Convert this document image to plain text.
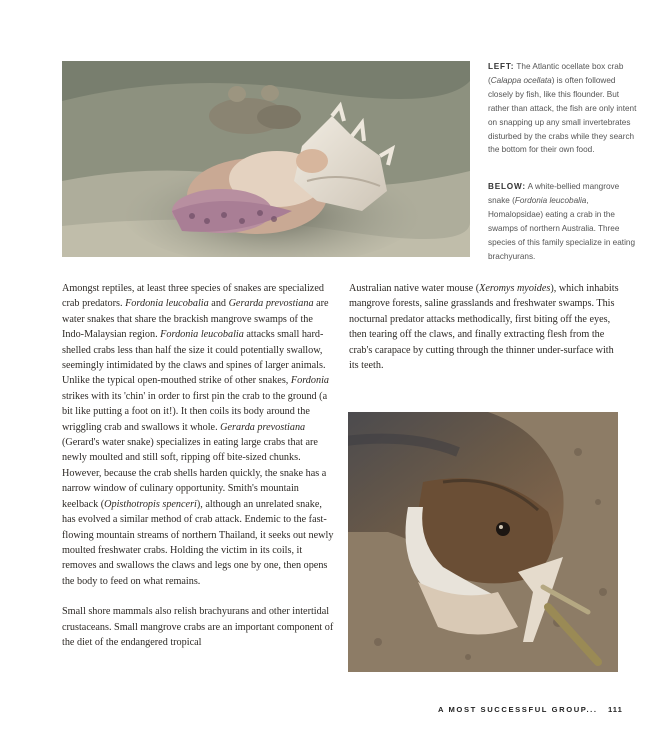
LEFT: The Atlantic ocellate box crab (Calappa ocellata) is often followed closely by fish, like this flounder. But rather than attack, the fish are only intent on snapping up any small invertebrates disturbed by the crabs while they search the bottom for their own food.
BELOW: A white-bellied mangrove snake (Fordonia leucobalia, Homalopsidae) eating a crab in the swamps of northern Australia. Three species of this family specialize in eating brachyurans.

Amongst reptiles, at least three species of snakes are specialized crab predators. Fordonia leucobalia and Gerarda prevostiana are water snakes that share the brackish mangrove swamps of the Indo-Malaysian region. Fordonia leucobalia attacks small hard-shelled crabs less than half the size it could potentially swallow, seemingly intimidated by the claws and spines of larger animals. Unlike the typical open-mouthed strike of other snakes, Fordonia strikes with its 'chin' in order to first pin the crab to the ground (a bit like putting a foot on it!). It then coils its body around the wriggling crab and swallows it whole. Gerarda prevostiana (Gerard's water snake) specializes in eating large crabs that are newly moulted and still soft, ripping off bite-sized chunks. However, because the crab shells harden quickly, the snake has a narrow window of culinary opportunity. Smith's mountain keelback (Opisthotropis spenceri), although an unrelated snake, has evolved a similar method of crab attack. Endemic to the fast-flowing mountain streams of northern Thailand, it seeks out newly moulted freshwater crabs. Holding the victim in its coils, it removes and swallows the claws and legs one by one, then opens the body to feed on what remains.

Small shore mammals also relish brachyurans and other intertidal crustaceans. Small mangrove crabs are an important component of the diet of the endangered tropical

Australian native water mouse (Xeromys myoides), which inhabits mangrove forests, saline grasslands and freshwater swamps. This nocturnal predator attacks methodically, first biting off the eyes, then tearing off the claws, and finally extracting flesh from the crab's carapace by cutting through the thinner under-surface with its teeth.

A MOST SUCCESSFUL GROUP... 111
